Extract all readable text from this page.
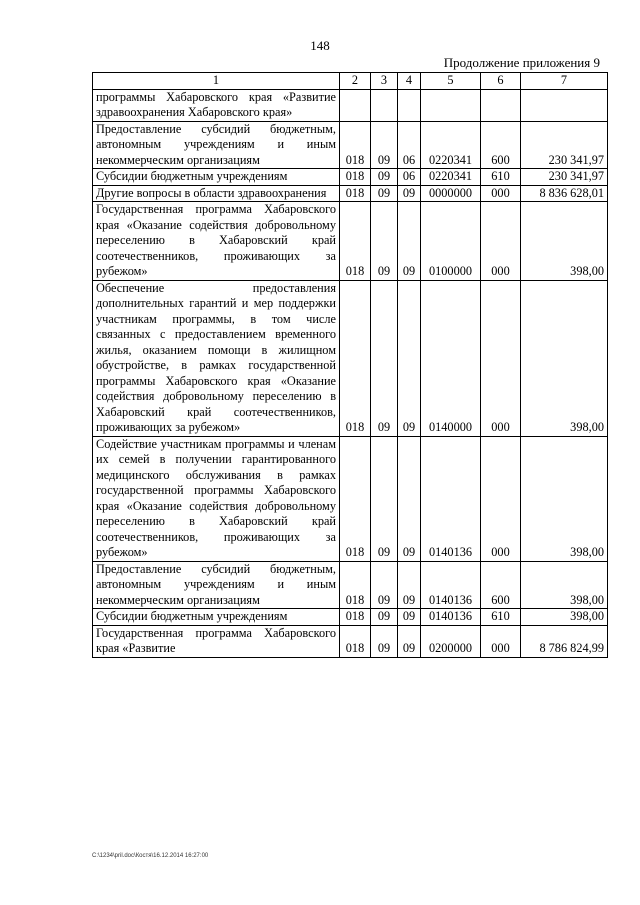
148
Продолжение приложения 9
1	2	3	4	5	6	7
программы Хабаровского края «Развитие здравоохранения Хабаровского края»						
Предоставление субсидий бюджетным, автономным учреждениям и иным некоммерческим организациям	018	09	06	0220341	600	230 341,97
Субсидии бюджетным учреждениям	018	09	06	0220341	610	230 341,97
Другие вопросы в области здравоохранения	018	09	09	0000000	000	8 836 628,01
Государственная программа Хабаровского края «Оказание содействия добровольному переселению в Хабаровский край соотечественников, проживающих за рубежом»	018	09	09	0100000	000	398,00
Обеспечение предоставления дополнительных гарантий и мер поддержки участникам программы, в том числе связанных с предоставлением временного жилья, оказанием помощи в жилищном обустройстве, в рамках государственной программы Хабаровского края «Оказание содействия добровольному переселению в Хабаровский край соотечественников, проживающих за рубежом»	018	09	09	0140000	000	398,00
Содействие участникам программы и членам их семей в получении гарантированного медицинского обслуживания в рамках государственной программы Хабаровского края «Оказание содействия добровольному переселению в Хабаровский край соотечественников, проживающих за рубежом»	018	09	09	0140136	000	398,00
Предоставление субсидий бюджетным, автономным учреждениям и иным некоммерческим организациям	018	09	09	0140136	600	398,00
Субсидии бюджетным учреждениям	018	09	09	0140136	610	398,00
Государственная программа Хабаровского края «Развитие	018	09	09	0200000	000	8 786 824,99
C:\1234\pril.doc\Костя\16.12.2014 16:27:00
